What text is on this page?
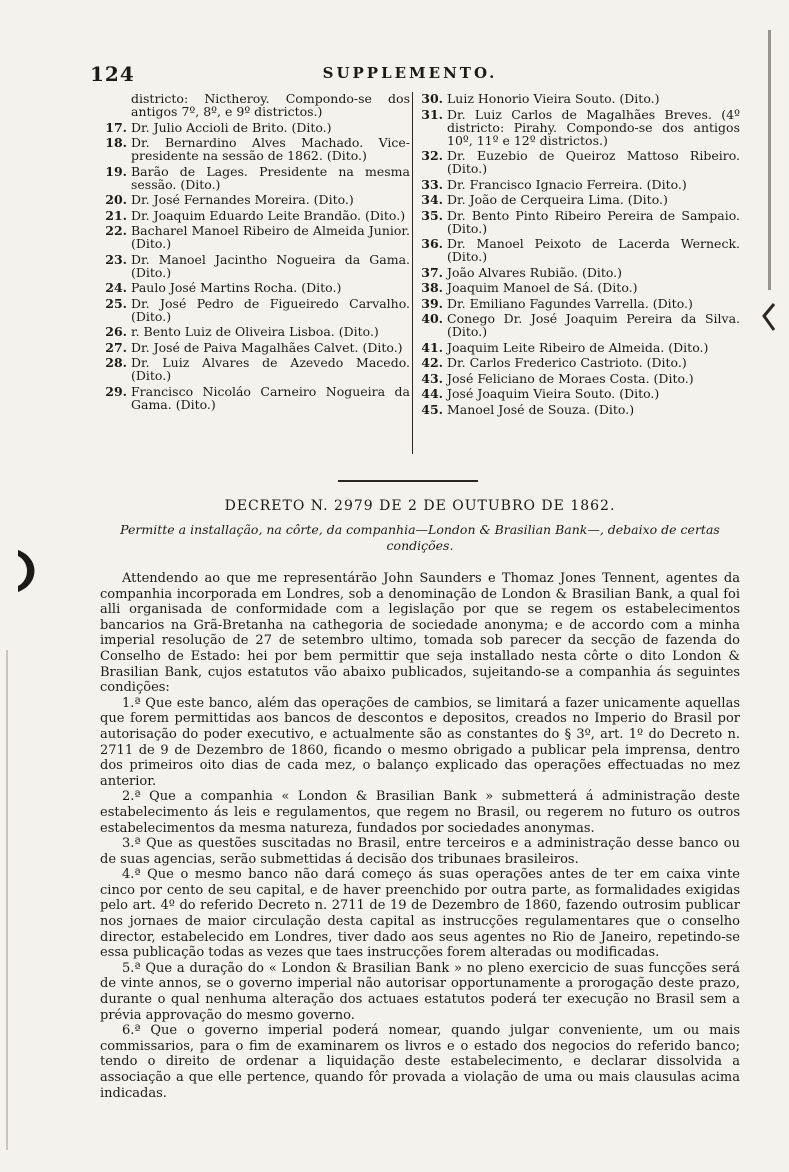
124	SUPPLEMENTO.
districto: Nictheroy. Compondo-se dos antigos 7º, 8º, e 9º districtos.)
17. Dr. Julio Accioli de Brito. (Dito.)
18. Dr. Bernardino Alves Machado. Vice-presidente na sessão de 1862. (Dito.)
19. Barão de Lages. Presidente na mesma sessão. (Dito.)
20. Dr. José Fernandes Moreira. (Dito.)
21. Dr. Joaquim Eduardo Leite Brandão. (Dito.)
22. Bacharel Manoel Ribeiro de Almeida Junior. (Dito.)
23. Dr. Manoel Jacintho Nogueira da Gama. (Dito.)
24. Paulo José Martins Rocha. (Dito.)
25. Dr. José Pedro de Figueiredo Carvalho. (Dito.)
26. r. Bento Luiz de Oliveira Lisboa. (Dito.)
27. Dr. José de Paiva Magalhães Calvet. (Dito.)
28. Dr. Luiz Alvares de Azevedo Macedo. (Dito.)
29. Francisco Nicoláo Carneiro Nogueira da Gama. (Dito.)
30. Luiz Honorio Vieira Souto. (Dito.)
31. Dr. Luiz Carlos de Magalhães Breves. (4º districto: Pirahy. Compondo-se dos antigos 10º, 11º e 12º districtos.)
32. Dr. Euzebio de Queiroz Mattoso Ribeiro. (Dito.)
33. Dr. Francisco Ignacio Ferreira. (Dito.)
34. Dr. João de Cerqueira Lima. (Dito.)
35. Dr. Bento Pinto Ribeiro Pereira de Sampaio. (Dito.)
36. Dr. Manoel Peixoto de Lacerda Werneck. (Dito.)
37. João Alvares Rubião. (Dito.)
38. Joaquim Manoel de Sá. (Dito.)
39. Dr. Emiliano Fagundes Varrella. (Dito.)
40. Conego Dr. José Joaquim Pereira da Silva. (Dito.)
41. Joaquim Leite Ribeiro de Almeida. (Dito.)
42. Dr. Carlos Frederico Castrioto. (Dito.)
43. José Feliciano de Moraes Costa. (Dito.)
44. José Joaquim Vieira Souto. (Dito.)
45. Manoel José de Souza. (Dito.)
DECRETO N. 2979 DE 2 DE OUTUBRO DE 1862.
Permitte a installação, na côrte, da companhia—London & Brasilian Bank—, debaixo de certas condições.

Attendendo ao que me representárão John Saunders e Thomaz Jones Tennent, agentes da companhia incorporada em Londres, sob a denominação de London & Brasilian Bank, a qual foi alli organisada de conformidade com a legislação por que se regem os estabelecimentos bancarios na Grã-Bretanha na cathegoria de sociedade anonyma; e de accordo com a minha imperial resolução de 27 de setembro ultimo, tomada sob parecer da secção de fazenda do Conselho de Estado: hei por bem permittir que seja installado nesta côrte o dito London & Brasilian Bank, cujos estatutos vão abaixo publicados, sujeitando-se a companhia ás seguintes condições:

1.ª Que este banco, além das operações de cambios, se limitará a fazer unicamente aquellas que forem permittidas aos bancos de descontos e depositos, creados no Imperio do Brasil por autorisação do poder executivo, e actualmente são as constantes do § 3º, art. 1º do Decreto n. 2711 de 9 de Dezembro de 1860, ficando o mesmo obrigado a publicar pela imprensa, dentro dos primeiros oito dias de cada mez, o balanço explicado das operações effectuadas no mez anterior.

2.ª Que a companhia « London & Brasilian Bank » submetterá á administração deste estabelecimento ás leis e regulamentos, que regem no Brasil, ou regerem no futuro os outros estabelecimentos da mesma natureza, fundados por sociedades anonymas.

3.ª Que as questões suscitadas no Brasil, entre terceiros e a administração desse banco ou de suas agencias, serão submettidas á decisão dos tribunaes brasileiros.

4.ª Que o mesmo banco não dará começo ás suas operações antes de ter em caixa vinte cinco por cento de seu capital, e de haver preenchido por outra parte, as formalidades exigidas pelo art. 4º do referido Decreto n. 2711 de 19 de Dezembro de 1860, fazendo outrosim publicar nos jornaes de maior circulação desta capital as instrucções regulamentares que o conselho director, estabelecido em Londres, tiver dado aos seus agentes no Rio de Janeiro, repetindo-se essa publicação todas as vezes que taes instrucções forem alteradas ou modificadas.

5.ª Que a duração do « London & Brasilian Bank » no pleno exercicio de suas funcções será de vinte annos, se o governo imperial não autorisar opportunamente a prorogação deste prazo, durante o qual nenhuma alteração dos actuaes estatutos poderá ter execução no Brasil sem a prévia approvação do mesmo governo.

6.ª Que o governo imperial poderá nomear, quando julgar conveniente, um ou mais commissarios, para o fim de examinarem os livros e o estado dos negocios do referido banco; tendo o direito de ordenar a liquidação deste estabelecimento, e declarar dissolvida a associação a que elle pertence, quando fôr provada a violação de uma ou mais clausulas acima indicadas.
